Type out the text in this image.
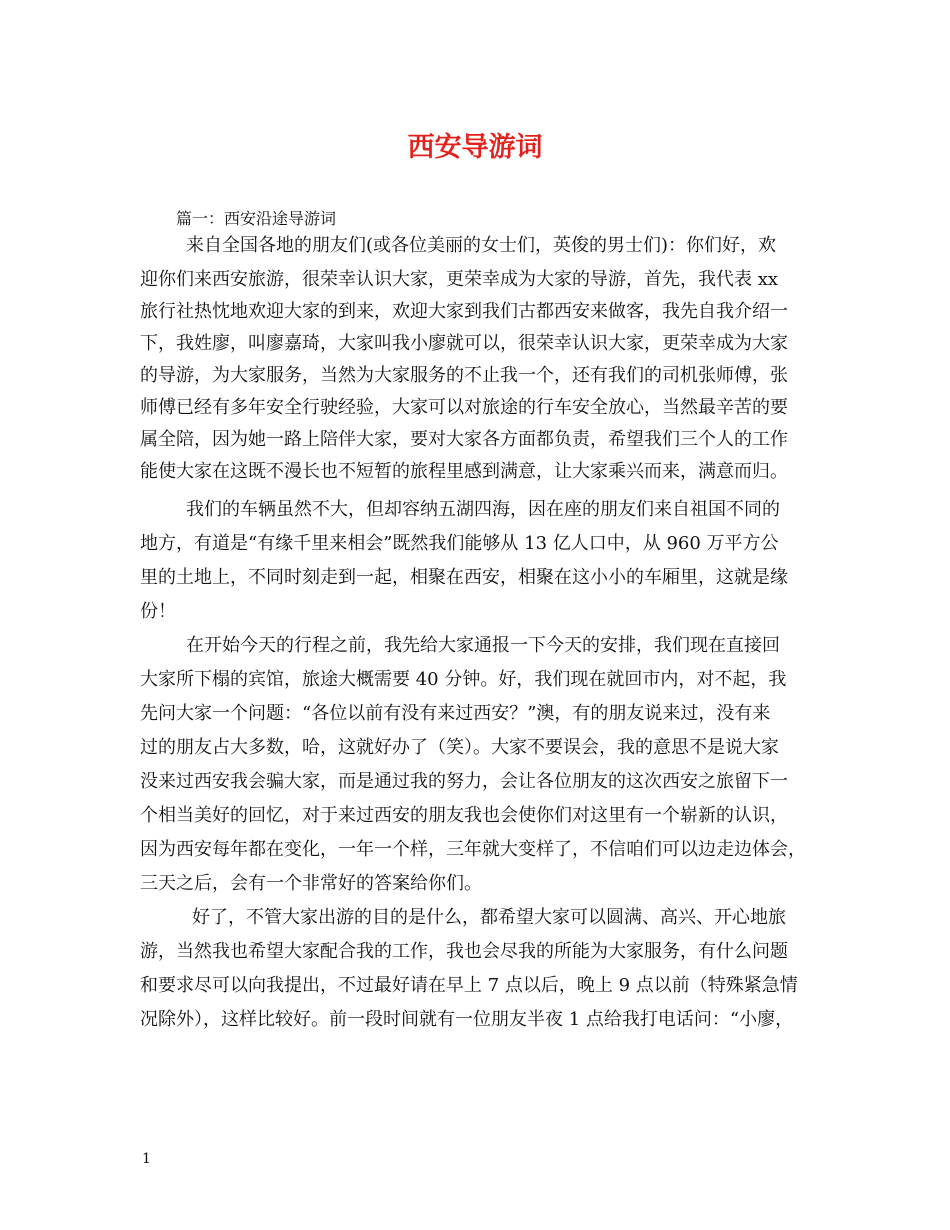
西安导游词

篇一：西安沿途导游词

来自全国各地的朋友们(或各位美丽的女士们，英俊的男士们)：你们好，欢

迎你们来西安旅游，很荣幸认识大家，更荣幸成为大家的导游，首先，我代表 xx

旅行社热忱地欢迎大家的到来，欢迎大家到我们古都西安来做客，我先自我介绍一

下，我姓廖，叫廖嘉琦，大家叫我小廖就可以，很荣幸认识大家，更荣幸成为大家

的导游，为大家服务，当然为大家服务的不止我一个，还有我们的司机张师傅，张

师傅已经有多年安全行驶经验，大家可以对旅途的行车安全放心，当然最辛苦的要

属全陪，因为她一路上陪伴大家，要对大家各方面都负责，希望我们三个人的工作

能使大家在这既不漫长也不短暂的旅程里感到满意，让大家乘兴而来，满意而归。

我们的车辆虽然不大，但却容纳五湖四海，因在座的朋友们来自祖国不同的

地方，有道是“有缘千里来相会”既然我们能够从 13 亿人口中，从 960 万平方公

里的土地上，不同时刻走到一起，相聚在西安，相聚在这小小的车厢里，这就是缘

份！

在开始今天的行程之前，我先给大家通报一下今天的安排，我们现在直接回

大家所下榻的宾馆，旅途大概需要 40 分钟。好，我们现在就回市内，对不起，我

先问大家一个问题：“各位以前有没有来过西安？”澳，有的朋友说来过，没有来

过的朋友占大多数，哈，这就好办了（笑）。大家不要误会，我的意思不是说大家

没来过西安我会骗大家，而是通过我的努力，会让各位朋友的这次西安之旅留下一

个相当美好的回忆，对于来过西安的朋友我也会使你们对这里有一个崭新的认识，

因为西安每年都在变化，一年一个样，三年就大变样了，不信咱们可以边走边体会，

三天之后，会有一个非常好的答案给你们。

好了，不管大家出游的目的是什么，都希望大家可以圆满、高兴、开心地旅

游，当然我也希望大家配合我的工作，我也会尽我的所能为大家服务，有什么问题

和要求尽可以向我提出，不过最好请在早上 7 点以后，晚上 9 点以前（特殊紧急情

况除外），这样比较好。前一段时间就有一位朋友半夜 1 点给我打电话问：“小廖，

1
